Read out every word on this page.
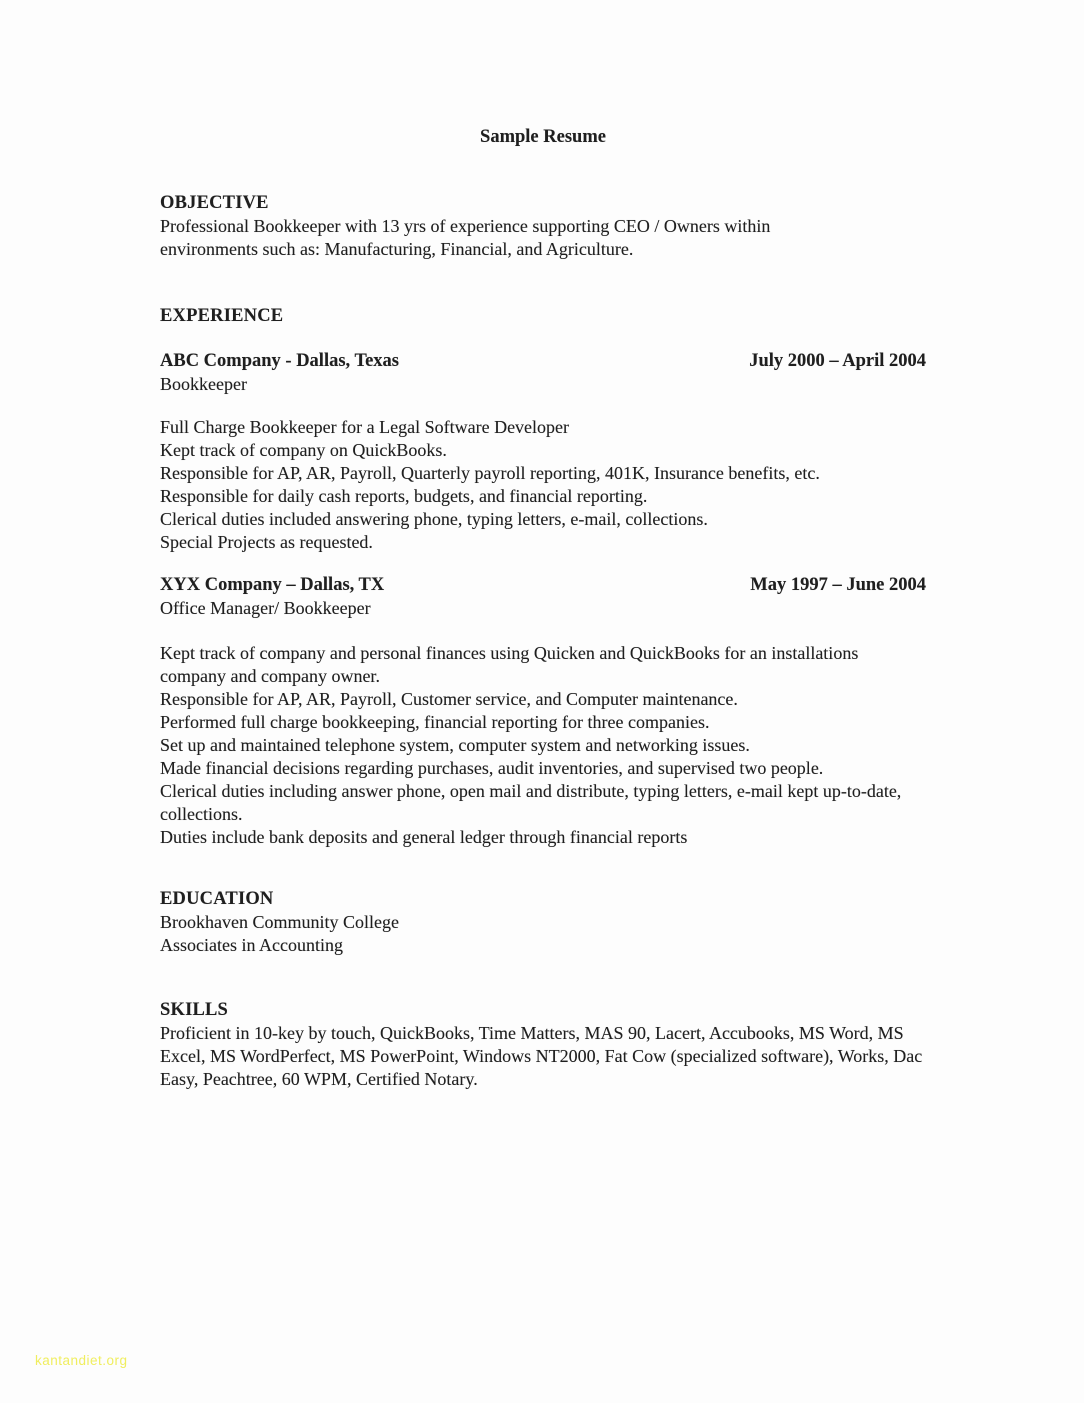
Sample Resume
OBJECTIVE

Professional Bookkeeper with 13 yrs of experience supporting CEO / Owners within environments such as: Manufacturing, Financial, and Agriculture.

EXPERIENCE
ABC Company - Dallas, Texas	July 2000 – April 2004
Bookkeeper

Full Charge Bookkeeper for a Legal Software Developer

Kept track of company on QuickBooks.

Responsible for AP, AR, Payroll, Quarterly payroll reporting, 401K, Insurance benefits, etc.

Responsible for daily cash reports, budgets, and financial reporting.

Clerical duties included answering phone, typing letters, e-mail, collections.

Special Projects as requested.

XYX Company – Dallas, TX	May 1997 – June 2004
Office Manager/ Bookkeeper

Kept track of company and personal finances using Quicken and QuickBooks for an installations company and company owner.

Responsible for AP, AR, Payroll, Customer service, and Computer maintenance.

Performed full charge bookkeeping, financial reporting for three companies.

Set up and maintained telephone system, computer system and networking issues.

Made financial decisions regarding purchases, audit inventories, and supervised two people.

Clerical duties including answer phone, open mail and distribute, typing letters, e-mail kept up-to-date, collections.

Duties include bank deposits and general ledger through financial reports

EDUCATION
Brookhaven Community College
Associates in Accounting
SKILLS

Proficient in 10-key by touch, QuickBooks, Time Matters, MAS 90, Lacert, Accubooks, MS Word, MS Excel, MS WordPerfect, MS PowerPoint, Windows NT2000, Fat Cow (specialized software), Works, Dac Easy, Peachtree, 60 WPM, Certified Notary.

kantandiet.org
